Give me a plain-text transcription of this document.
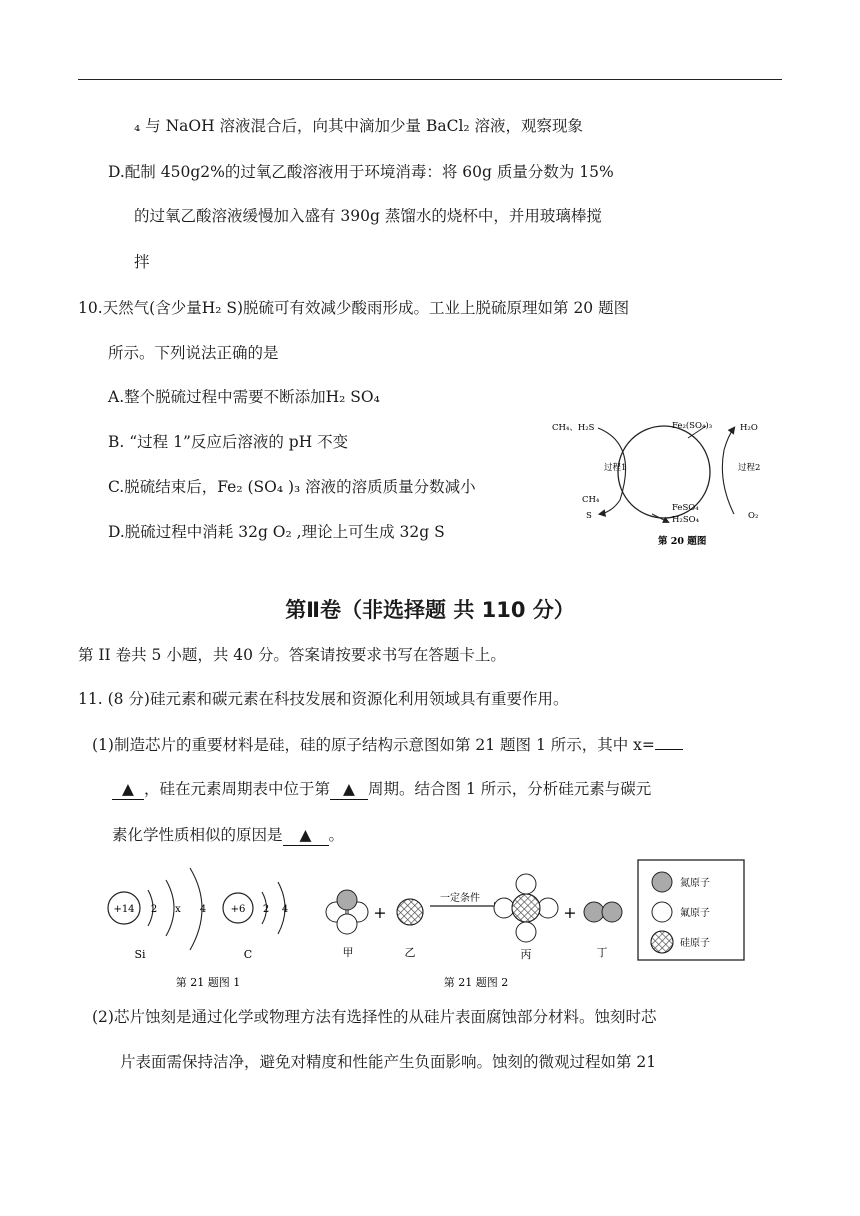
₄ 与 NaOH 溶液混合后，向其中滴加少量 BaCl₂ 溶液，观察现象
D.配制 450g2%的过氧乙酸溶液用于环境消毒：将 60g 质量分数为 15%
的过氧乙酸溶液缓慢加入盛有 390g 蒸馏水的烧杯中，并用玻璃棒搅
拌
10.天然气(含少量H₂ S)脱硫可有效减少酸雨形成。工业上脱硫原理如第 20 题图
所示。下列说法正确的是
A.整个脱硫过程中需要不断添加H₂ SO₄
B. “过程 1”反应后溶液的 pH 不变
C.脱硫结束后，Fe₂ (SO₄ )₃ 溶液的溶质质量分数减小
D.脱硫过程中消耗 32g O₂ ,理论上可生成 32g S
CH₄、H₂S
CH₄
S
Fe₂(SO₄)₃	H₂O
过程1	过程2
FeSO₄
H₂SO₄	O₂
第 20 题图
第Ⅱ卷（非选择题 共 110 分）
第 II 卷共 5 小题，共 40 分。答案请按要求书写在答题卡上。
11. (8 分)硅元素和碳元素在科技发展和资源化利用领域具有重要作用。
(1)制造芯片的重要材料是硅，硅的原子结构示意图如第 21 题图 1 所示，其中 x=
▲ ，硅在元素周期表中位于第 ▲ 周期。结合图 1 所示，分析硅元素与碳元
素化学性质相似的原因是 ▲ 。
+14 2 x 4
Si
+6 2 4
C
第 21 题图 1
甲
+
乙
一定条件
丙
+
丁
第 21 题图 2
氮原子
氟原子
硅原子
(2)芯片蚀刻是通过化学或物理方法有选择性的从硅片表面腐蚀部分材料。蚀刻时芯
片表面需保持洁净，避免对精度和性能产生负面影响。蚀刻的微观过程如第 21
